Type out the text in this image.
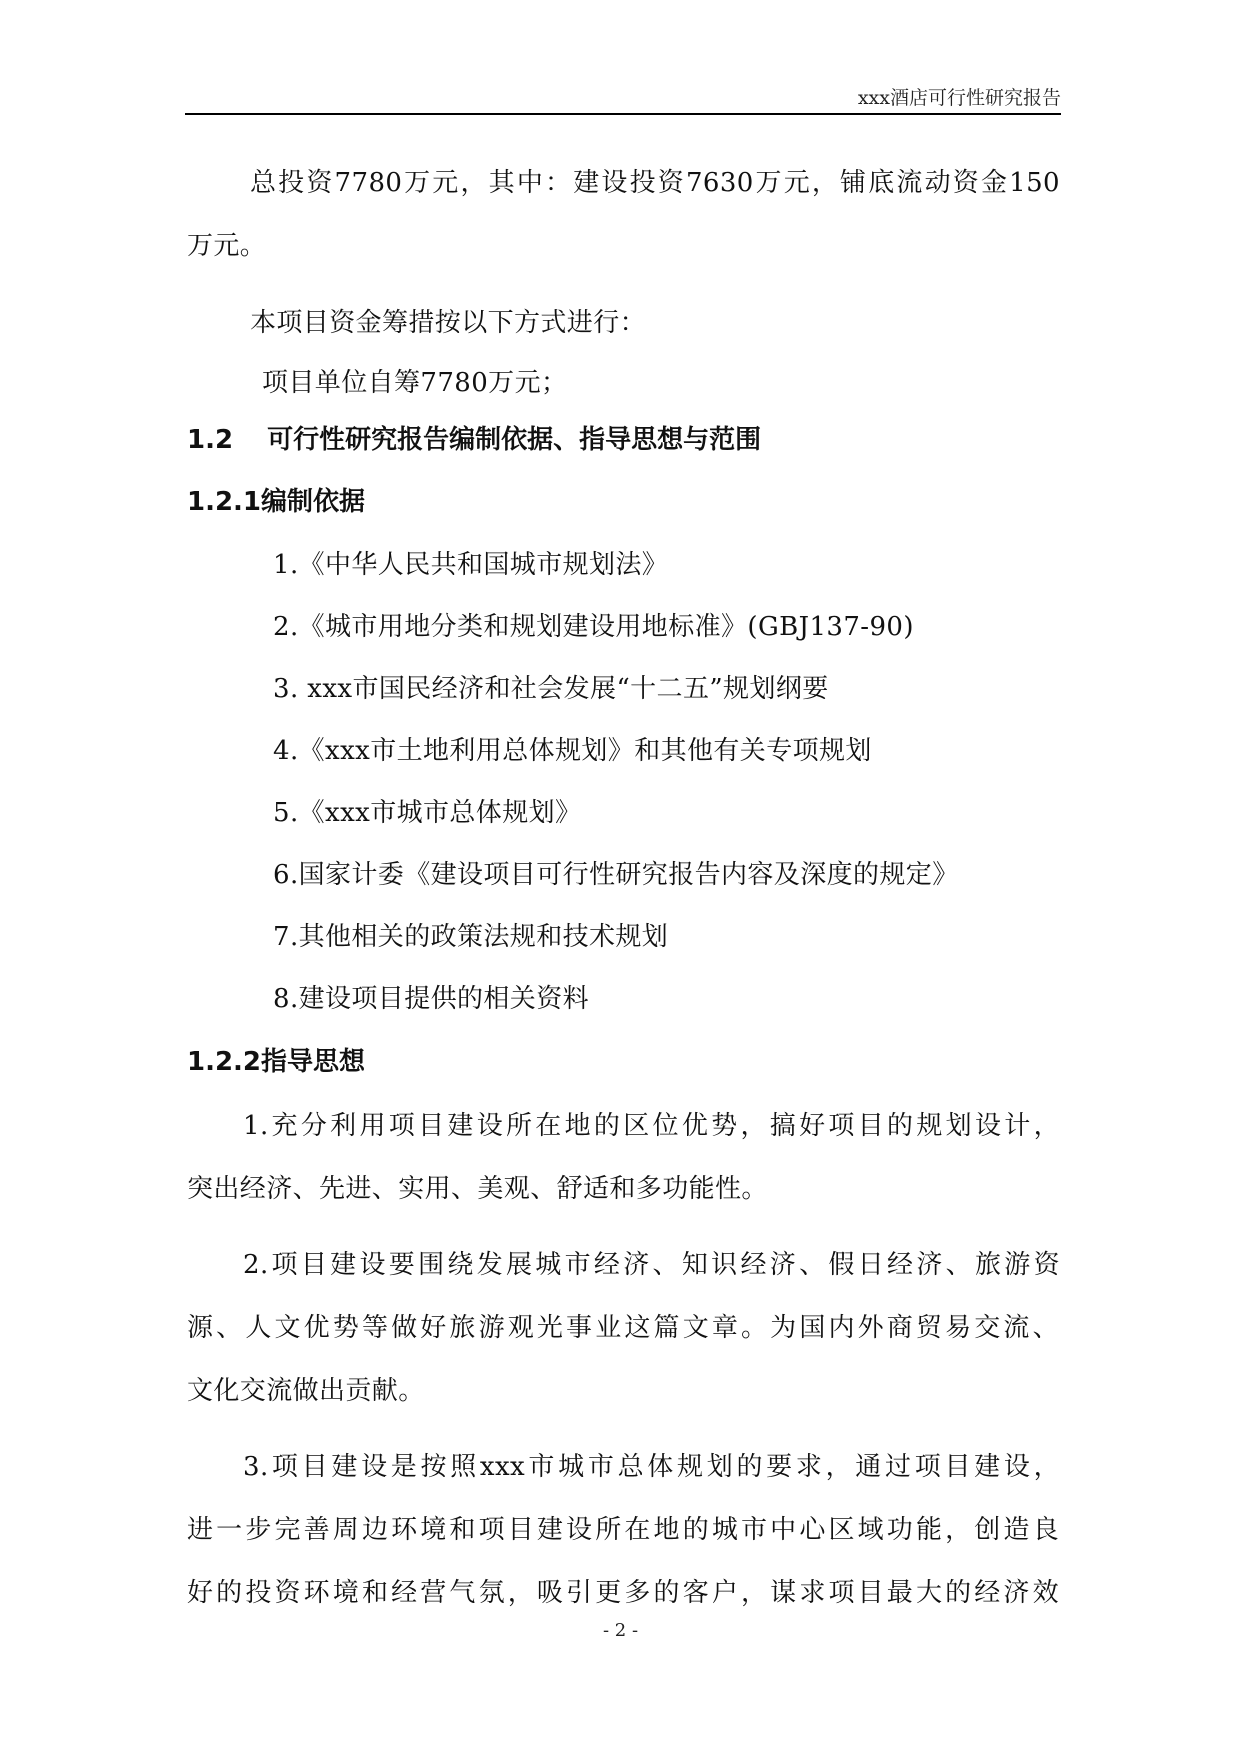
xxx酒店可行性研究报告

总投资7780万元，其中：建设投资7630万元，铺底流动资金150

万元。

本项目资金筹措按以下方式进行：

项目单位自筹7780万元；

1.2 可行性研究报告编制依据、指导思想与范围
1.2.1编制依据

1.《中华人民共和国城市规划法》

2.《城市用地分类和规划建设用地标准》(GBJ137-90)

3. xxx市国民经济和社会发展“十二五”规划纲要

4.《xxx市土地利用总体规划》和其他有关专项规划

5.《xxx市城市总体规划》

6.国家计委《建设项目可行性研究报告内容及深度的规定》

7.其他相关的政策法规和技术规划

8.建设项目提供的相关资料

1.2.2指导思想

1.充分利用项目建设所在地的区位优势，搞好项目的规划设计，

突出经济、先进、实用、美观、舒适和多功能性。

2.项目建设要围绕发展城市经济、知识经济、假日经济、旅游资

源、人文优势等做好旅游观光事业这篇文章。为国内外商贸易交流、

文化交流做出贡献。

3.项目建设是按照xxx市城市总体规划的要求，通过项目建设，

进一步完善周边环境和项目建设所在地的城市中心区域功能，创造良

好的投资环境和经营气氛，吸引更多的客户，谋求项目最大的经济效

- 2 -
